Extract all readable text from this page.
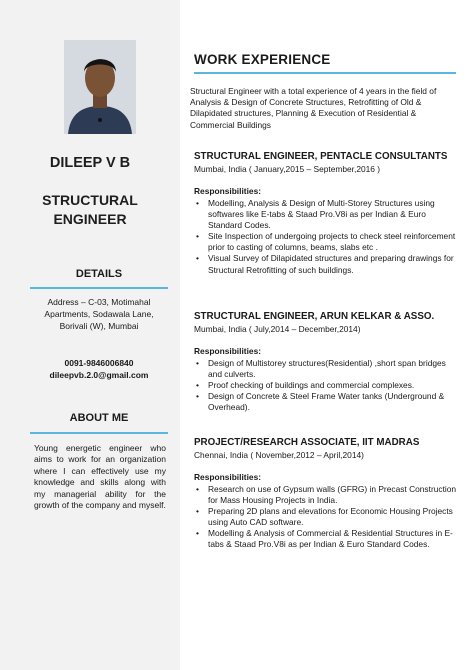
DILEEP V B
STRUCTURAL
ENGINEER
DETAILS
Address – C-03, Motimahal
Apartments, Sodawala Lane,
Borivali (W), Mumbai
0091-9846006840
dileepvb.2.0@gmail.com
ABOUT ME
Young energetic engineer who aims to work for an organization where I can effectively use my knowledge and skills along with my managerial ability for the growth of the company and myself.
WORK EXPERIENCE
Structural Engineer with a total experience of 4 years in the field of Analysis & Design of Concrete Structures, Retrofitting of Old & Dilapidated structures, Planning & Execution of Residential & Commercial Buildings

STRUCTURAL ENGINEER, PENTACLE CONSULTANTS

Mumbai, India ( January,2015 – September,2016 )

Responsibilities:

• Modelling, Analysis & Design of Multi-Storey Structures using softwares like E-tabs & Staad Pro.V8i as per Indian & Euro Standard Codes.
• Site Inspection of undergoing projects to check steel reinforcement prior to casting of columns, beams, slabs etc .
• Visual Survey of Dilapidated structures and preparing drawings for Structural Retrofitting of such buildings.

STRUCTURAL ENGINEER, ARUN KELKAR & ASSO.

Mumbai, India ( July,2014 – December,2014)

Responsibilities:

• Design of Multistorey structures(Residential) ,short span bridges and culverts.
• Proof checking of buildings and commercial complexes.
• Design of Concrete & Steel Frame Water tanks (Underground & Overhead).

PROJECT/RESEARCH ASSOCIATE, IIT MADRAS

Chennai, India ( November,2012 – April,2014)

Responsibilities:

• Research on use of Gypsum walls (GFRG) in Precast Construction for Mass Housing Projects in India.
• Preparing 2D plans and elevations for Economic Housing Projects using Auto CAD software.
• Modelling & Analysis of Commercial & Residential Structures in E-tabs & Staad Pro.V8i as per Indian & Euro Standard Codes.
